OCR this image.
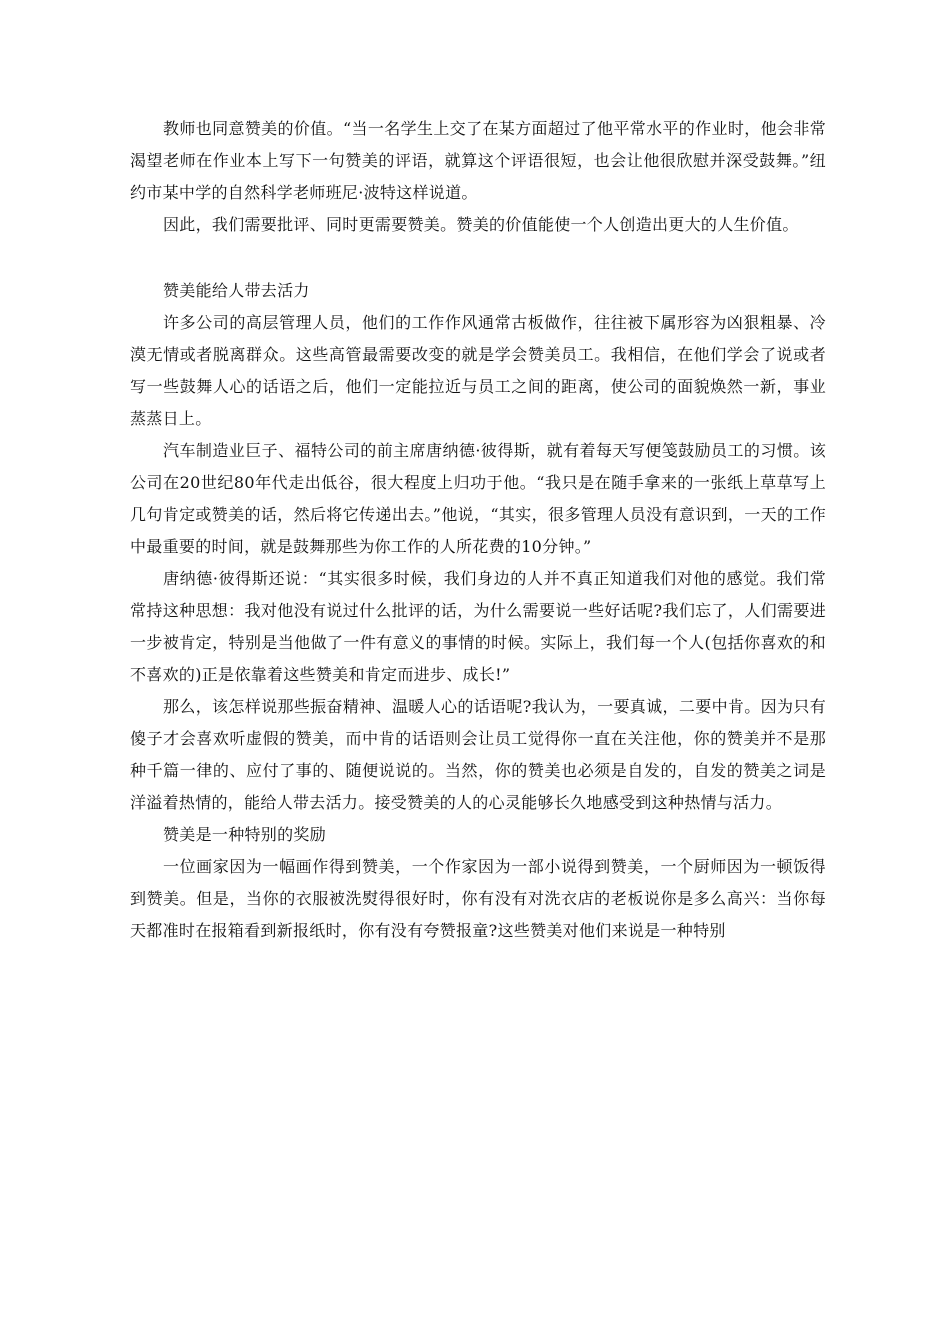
教师也同意赞美的价值。“当一名学生上交了在某方面超过了他平常水平的作业时，他会非常渴望老师在作业本上写下一句赞美的评语，就算这个评语很短，也会让他很欣慰并深受鼓舞。”纽约市某中学的自然科学老师班尼·波特这样说道。

因此，我们需要批评、同时更需要赞美。赞美的价值能使一个人创造出更大的人生价值。

赞美能给人带去活力

许多公司的高层管理人员，他们的工作作风通常古板做作，往往被下属形容为凶狠粗暴、冷漠无情或者脱离群众。这些高管最需要改变的就是学会赞美员工。我相信，在他们学会了说或者写一些鼓舞人心的话语之后，他们一定能拉近与员工之间的距离，使公司的面貌焕然一新，事业蒸蒸日上。

汽车制造业巨子、福特公司的前主席唐纳德·彼得斯，就有着每天写便笺鼓励员工的习惯。该公司在20世纪80年代走出低谷，很大程度上归功于他。“我只是在随手拿来的一张纸上草草写上几句肯定或赞美的话，然后将它传递出去。”他说，“其实，很多管理人员没有意识到，一天的工作中最重要的时间，就是鼓舞那些为你工作的人所花费的10分钟。”

唐纳德·彼得斯还说：“其实很多时候，我们身边的人并不真正知道我们对他的感觉。我们常常持这种思想：我对他没有说过什么批评的话，为什么需要说一些好话呢?我们忘了，人们需要进一步被肯定，特别是当他做了一件有意义的事情的时候。实际上，我们每一个人(包括你喜欢的和不喜欢的)正是依靠着这些赞美和肯定而进步、成长!”

那么，该怎样说那些振奋精神、温暖人心的话语呢?我认为，一要真诚，二要中肯。因为只有傻子才会喜欢听虚假的赞美，而中肯的话语则会让员工觉得你一直在关注他，你的赞美并不是那种千篇一律的、应付了事的、随便说说的。当然，你的赞美也必须是自发的，自发的赞美之词是洋溢着热情的，能给人带去活力。接受赞美的人的心灵能够长久地感受到这种热情与活力。

赞美是一种特别的奖励

一位画家因为一幅画作得到赞美，一个作家因为一部小说得到赞美，一个厨师因为一顿饭得到赞美。但是，当你的衣服被洗熨得很好时，你有没有对洗衣店的老板说你是多么高兴：当你每天都准时在报箱看到新报纸时，你有没有夸赞报童?这些赞美对他们来说是一种特别
